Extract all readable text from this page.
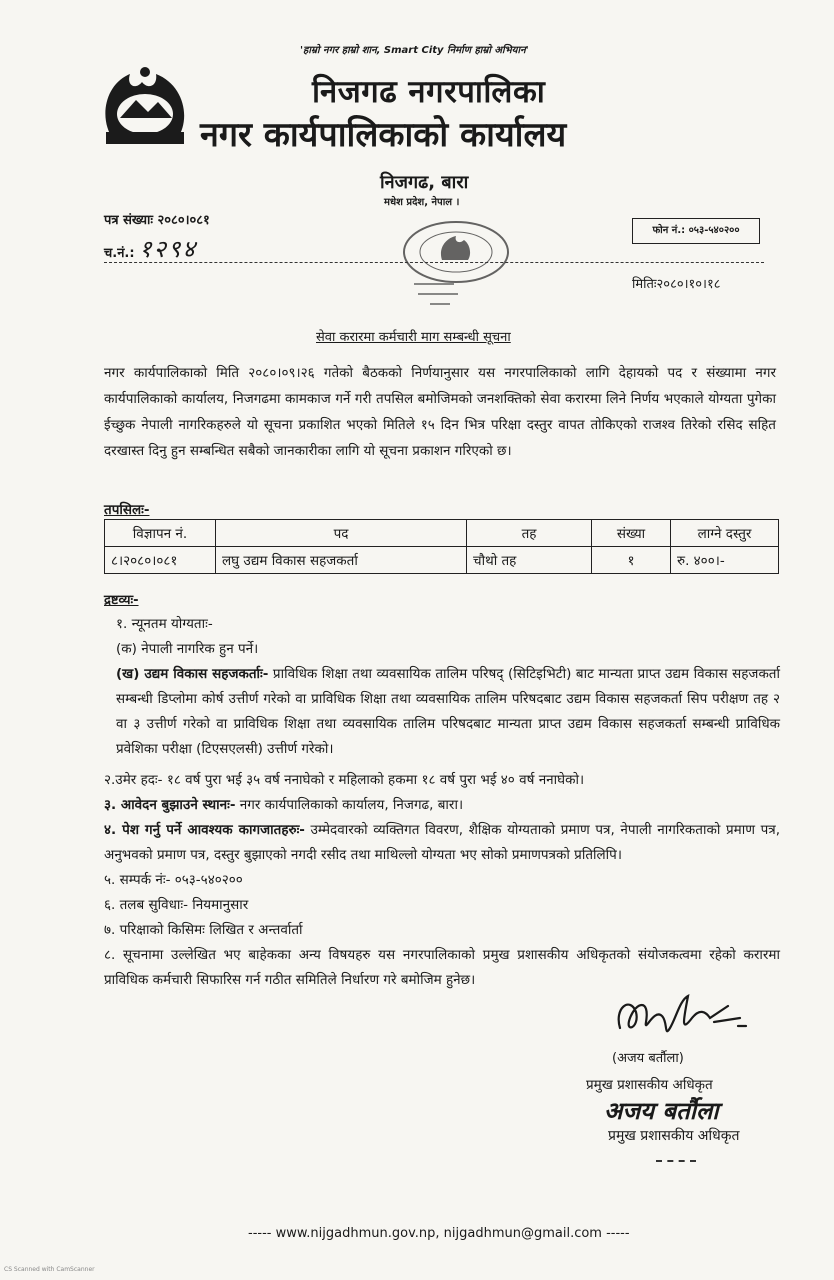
'हाम्रो नगर हाम्रो शान, Smart City निर्माण हाम्रो अभियान'
निजगढ नगरपालिका
नगर कार्यपालिकाको कार्यालय
निजगढ, बारा
मधेश प्रदेश, नेपाल ।
पत्र संख्याः २०८०।०८१
च.नं.: १२९४
फोन नं.: ०५३-५४०२००
मितिः२०८०।१०।१८
सेवा करारमा कर्मचारी माग सम्बन्धी सूचना
नगर कार्यपालिकाको मिति २०८०।०९।२६ गतेको बैठकको निर्णयानुसार यस नगरपालिकाको लागि देहायको पद र संख्यामा नगर कार्यपालिकाको कार्यालय, निजगढमा कामकाज गर्ने गरी तपसिल बमोजिमको जनशक्तिको सेवा करारमा लिने निर्णय भएकाले योग्यता पुगेका ईच्छुक नेपाली नागरिकहरुले यो सूचना प्रकाशित भएको मितिले १५ दिन भित्र परिक्षा दस्तुर वापत तोकिएको राजश्व तिरेको रसिद सहित दरखास्त दिनु हुन सम्बन्धित सबैको जानकारीका लागि यो सूचना प्रकाशन गरिएको छ।
तपसिलः-
विज्ञापन नं.	पद	तह	संख्या	लाग्ने दस्तुर
८।२०८०।०८१	लघु उद्यम विकास सहजकर्ता	चौथो तह	१	रु. ४००।-
द्रष्टव्यः-
१. न्यूनतम योग्यताः-
(क) नेपाली नागरिक हुन पर्ने।
(ख) उद्यम विकास सहजकर्ताः- प्राविधिक शिक्षा तथा व्यवसायिक तालिम परिषद् (सिटिइभिटी) बाट मान्यता प्राप्त उद्यम विकास सहजकर्ता सम्बन्धी डिप्लोमा कोर्ष उत्तीर्ण गरेको वा प्राविधिक शिक्षा तथा व्यवसायिक तालिम परिषदबाट उद्यम विकास सहजकर्ता सिप परीक्षण तह २ वा ३ उत्तीर्ण गरेको वा प्राविधिक शिक्षा तथा व्यवसायिक तालिम परिषदबाट मान्यता प्राप्त उद्यम विकास सहजकर्ता सम्बन्धी प्राविधिक प्रवेशिका परीक्षा (टिएसएलसी) उत्तीर्ण गरेको।
२.उमेर हदः- १८ वर्ष पुरा भई ३५ वर्ष ननाघेको र महिलाको हकमा १८ वर्ष पुरा भई ४० वर्ष ननाघेको।
३. आवेदन बुझाउने स्थानः- नगर कार्यपालिकाको कार्यालय, निजगढ, बारा।
४. पेश गर्नु पर्ने आवश्यक कागजातहरुः- उम्मेदवारको व्यक्तिगत विवरण, शैक्षिक योग्यताको प्रमाण पत्र, नेपाली नागरिकताको प्रमाण पत्र, अनुभवको प्रमाण पत्र, दस्तुर बुझाएको नगदी रसीद तथा माथिल्लो योग्यता भए सोको प्रमाणपत्रको प्रतिलिपि।
५. सम्पर्क नंः- ०५३-५४०२००
६. तलब सुविधाः- नियमानुसार
७. परिक्षाको किसिमः लिखित र अन्तर्वार्ता
८. सूचनामा उल्लेखित भए बाहेकका अन्य विषयहरु यस नगरपालिकाको प्रमुख प्रशासकीय अधिकृतको संयोजकत्वमा रहेको करारमा प्राविधिक कर्मचारी सिफारिस गर्न गठीत समितिले निर्धारण गरे बमोजिम हुनेछ।
(अजय बर्तौला)
प्रमुख प्रशासकीय अधिकृत
अजय बर्तौला
प्रमुख प्रशासकीय अधिकृत
----- www.nijgadhmun.gov.np, nijgadhmun@gmail.com -----
CS Scanned with CamScanner
